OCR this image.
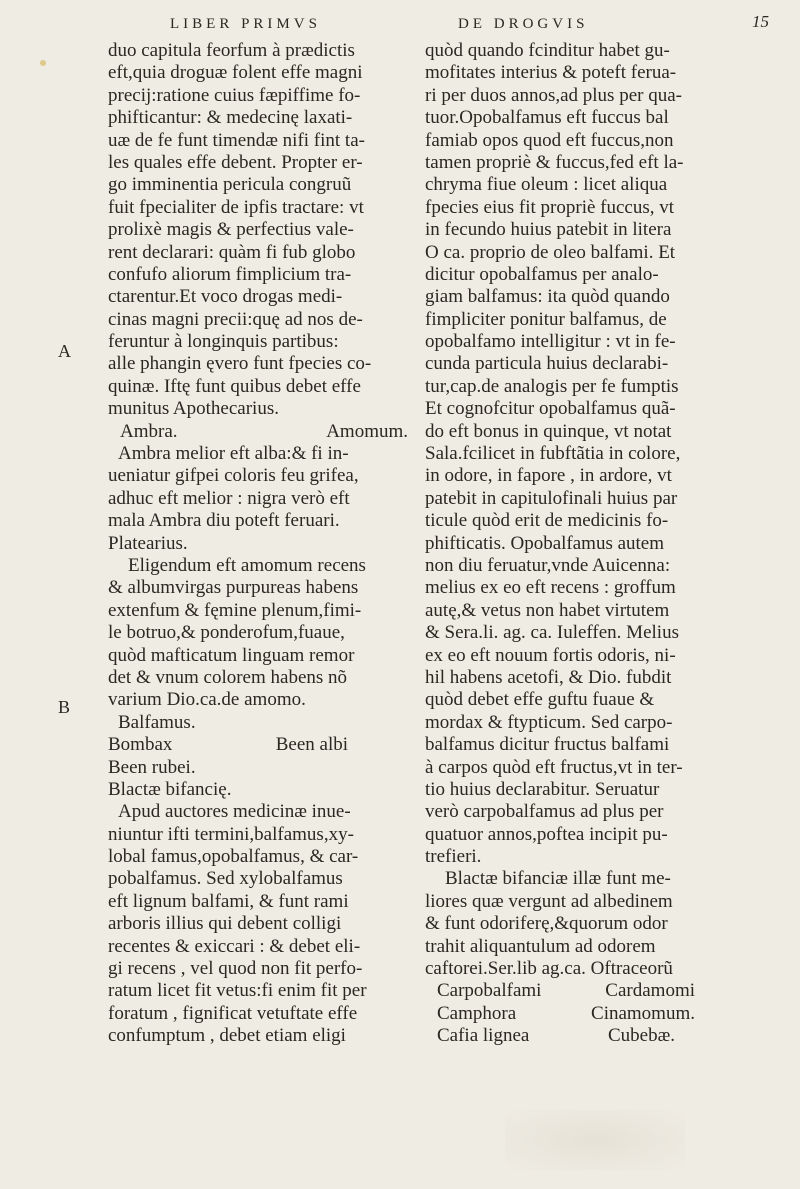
LIBER PRIMVS	DE DROGVIS	15
A
B
duo capitula feorfum à prædictis
eft,quia droguæ folent effe magni
precij:ratione cuius fæpiffime fo-
phifticantur: & medecinę laxati-
uæ de fe funt timendæ nifi fint ta-
les quales effe debent. Propter er-
go imminentia pericula congruũ
fuit fpecialiter de ipfis tractare: vt
prolixè magis & perfectius vale-
rent declarari: quàm fi fub globo
confufo aliorum fimplicium tra-
ctarentur.Et voco drogas medi-
cinas magni precii:quę ad nos de-
feruntur à longinquis partibus:
alle phangin ęvero funt fpecies co-
quinæ. Iftę funt quibus debet effe
munitus Apothecarius.
Ambra.	Amomum.
Ambra melior eft alba:& fi in-
ueniatur gifpei coloris feu grifea,
adhuc eft melior : nigra verò eft
mala Ambra diu poteft feruari.
Platearius.
Eligendum eft amomum recens
& albumvirgas purpureas habens
extenfum & fęmine plenum,fimi-
le botruo,& ponderofum,fuaue,
quòd mafticatum linguam remor
det & vnum colorem habens nõ
varium Dio.ca.de amomo.
Balfamus.
Bombax	Been albi
Been rubei.
Blactæ bifancię.
Apud auctores medicinæ inue-
niuntur ifti termini,balfamus,xy-
lobal famus,opobalfamus, & car-
pobalfamus. Sed xylobalfamus
eft lignum balfami, & funt rami
arboris illius qui debent colligi
recentes & exiccari : & debet eli-
gi recens , vel quod non fit perfo-
ratum licet fit vetus:fi enim fit per
foratum , fignificat vetuftate effe
confumptum , debet etiam eligi
quòd quando fcinditur habet gu-
mofitates interius & poteft ferua-
ri per duos annos,ad plus per qua-
tuor.Opobalfamus eft fuccus bal
famiab opos quod eft fuccus,non
tamen propriè & fuccus,fed eft la-
chryma fiue oleum : licet aliqua
fpecies eius fit propriè fuccus, vt
in fecundo huius patebit in litera
O ca. proprio de oleo balfami. Et
dicitur opobalfamus per analo-
giam balfamus: ita quòd quando
fimpliciter ponitur balfamus, de
opobalfamo intelligitur : vt in fe-
cunda particula huius declarabi-
tur,cap.de analogis per fe fumptis
Et cognofcitur opobalfamus quã-
do eft bonus in quinque, vt notat
Sala.fcilicet in fubftãtia in colore,
in odore, in fapore , in ardore, vt
patebit in capitulofinali huius par
ticule quòd erit de medicinis fo-
phifticatis. Opobalfamus autem
non diu feruatur,vnde Auicenna:
melius ex eo eft recens : groffum
autę,& vetus non habet virtutem
& Sera.li. ag. ca. Iuleffen. Melius
ex eo eft nouum fortis odoris, ni-
hil habens acetofi, & Dio. fubdit
quòd debet effe guftu fuaue &
mordax & ftypticum. Sed carpo-
balfamus dicitur fructus balfami
à carpos quòd eft fructus,vt in ter-
tio huius declarabitur. Seruatur
verò carpobalfamus ad plus per
quatuor annos,poftea incipit pu-
trefieri.
Blactæ bifanciæ illæ funt me-
liores quæ vergunt ad albedinem
& funt odoriferę,&quorum odor
trahit aliquantulum ad odorem
caftorei.Ser.lib ag.ca. Oftraceorũ
Carpobalfami	Cardamomi
Camphora	Cinamomum.
Cafia lignea	Cubebæ.
